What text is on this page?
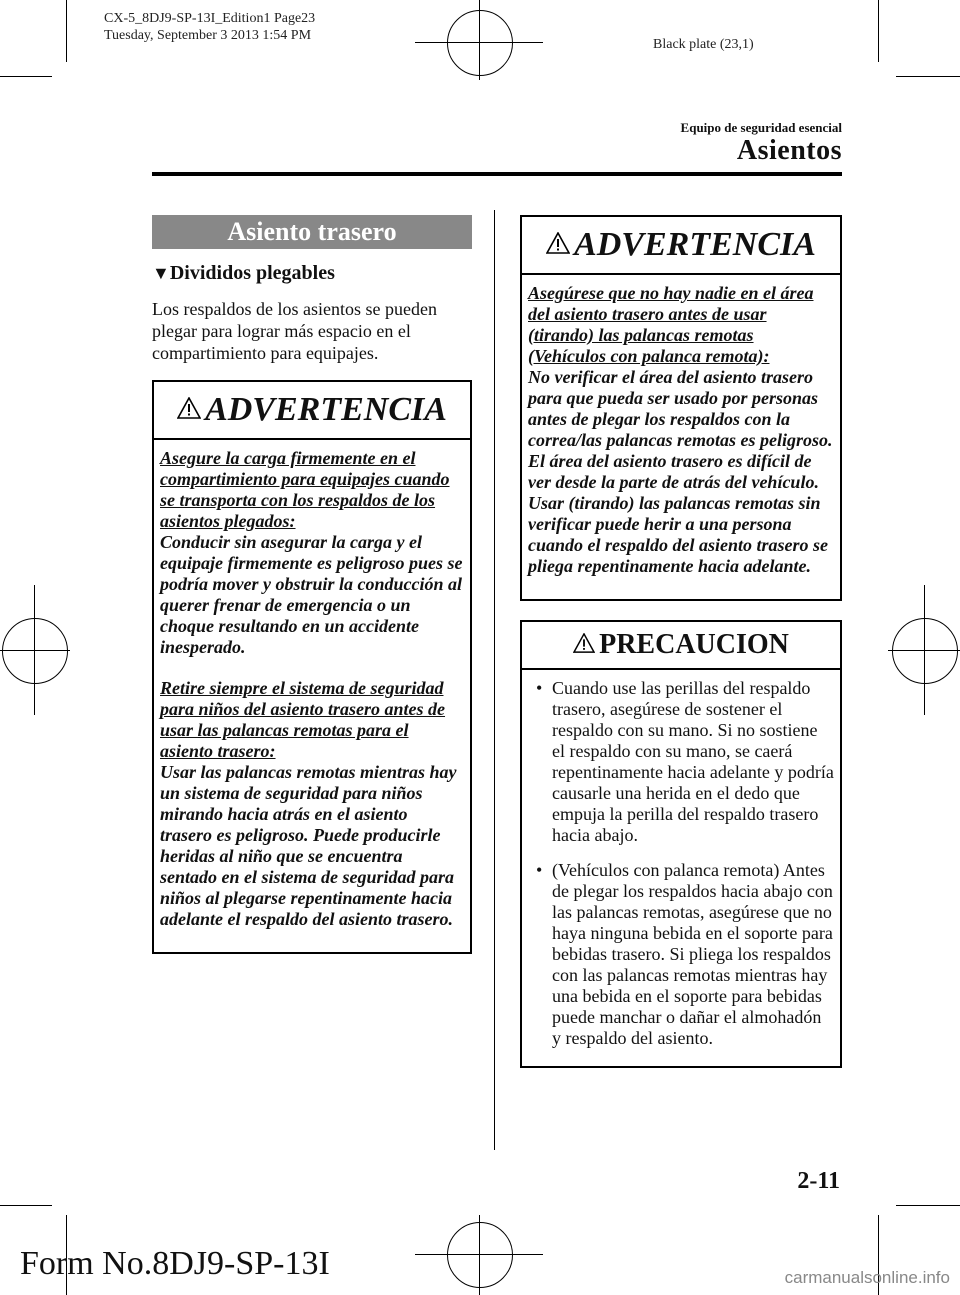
CX-5_8DJ9-SP-13I_Edition1 Page23
Tuesday, September 3 2013 1:54 PM
Black plate (23,1)
Equipo de seguridad esencial
Asientos
Asiento trasero
▼Divididos plegables
Los respaldos de los asientos se pueden plegar para lograr más espacio en el compartimiento para equipajes.
ADVERTENCIA
Asegure la carga firmemente en el compartimiento para equipajes cuando se transporta con los respaldos de los asientos plegados:
Conducir sin asegurar la carga y el equipaje firmemente es peligroso pues se podría mover y obstruir la conducción al querer frenar de emergencia o un choque resultando en un accidente inesperado.
Retire siempre el sistema de seguridad para niños del asiento trasero antes de usar las palancas remotas para el asiento trasero:
Usar las palancas remotas mientras hay un sistema de seguridad para niños mirando hacia atrás en el asiento trasero es peligroso. Puede producirle heridas al niño que se encuentra sentado en el sistema de seguridad para niños al plegarse repentinamente hacia adelante el respaldo del asiento trasero.
ADVERTENCIA
Asegúrese que no hay nadie en el área del asiento trasero antes de usar (tirando) las palancas remotas (Vehículos con palanca remota):
No verificar el área del asiento trasero para que pueda ser usado por personas antes de plegar los respaldos con la correa/las palancas remotas es peligroso. El área del asiento trasero es difícil de ver desde la parte de atrás del vehículo. Usar (tirando) las palancas remotas sin verificar puede herir a una persona cuando el respaldo del asiento trasero se pliega repentinamente hacia adelante.
PRECAUCION
• Cuando use las perillas del respaldo trasero, asegúrese de sostener el respaldo con su mano. Si no sostiene el respaldo con su mano, se caerá repentinamente hacia adelante y podría causarle una herida en el dedo que empuja la perilla del respaldo trasero hacia abajo.
• (Vehículos con palanca remota) Antes de plegar los respaldos hacia abajo con las palancas remotas, asegúrese que no haya ninguna bebida en el soporte para bebidas trasero. Si pliega los respaldos con las palancas remotas mientras hay una bebida en el soporte para bebidas puede manchar o dañar el almohadón y respaldo del asiento.
2-11
Form No.8DJ9-SP-13I	carmanualsonline.info
